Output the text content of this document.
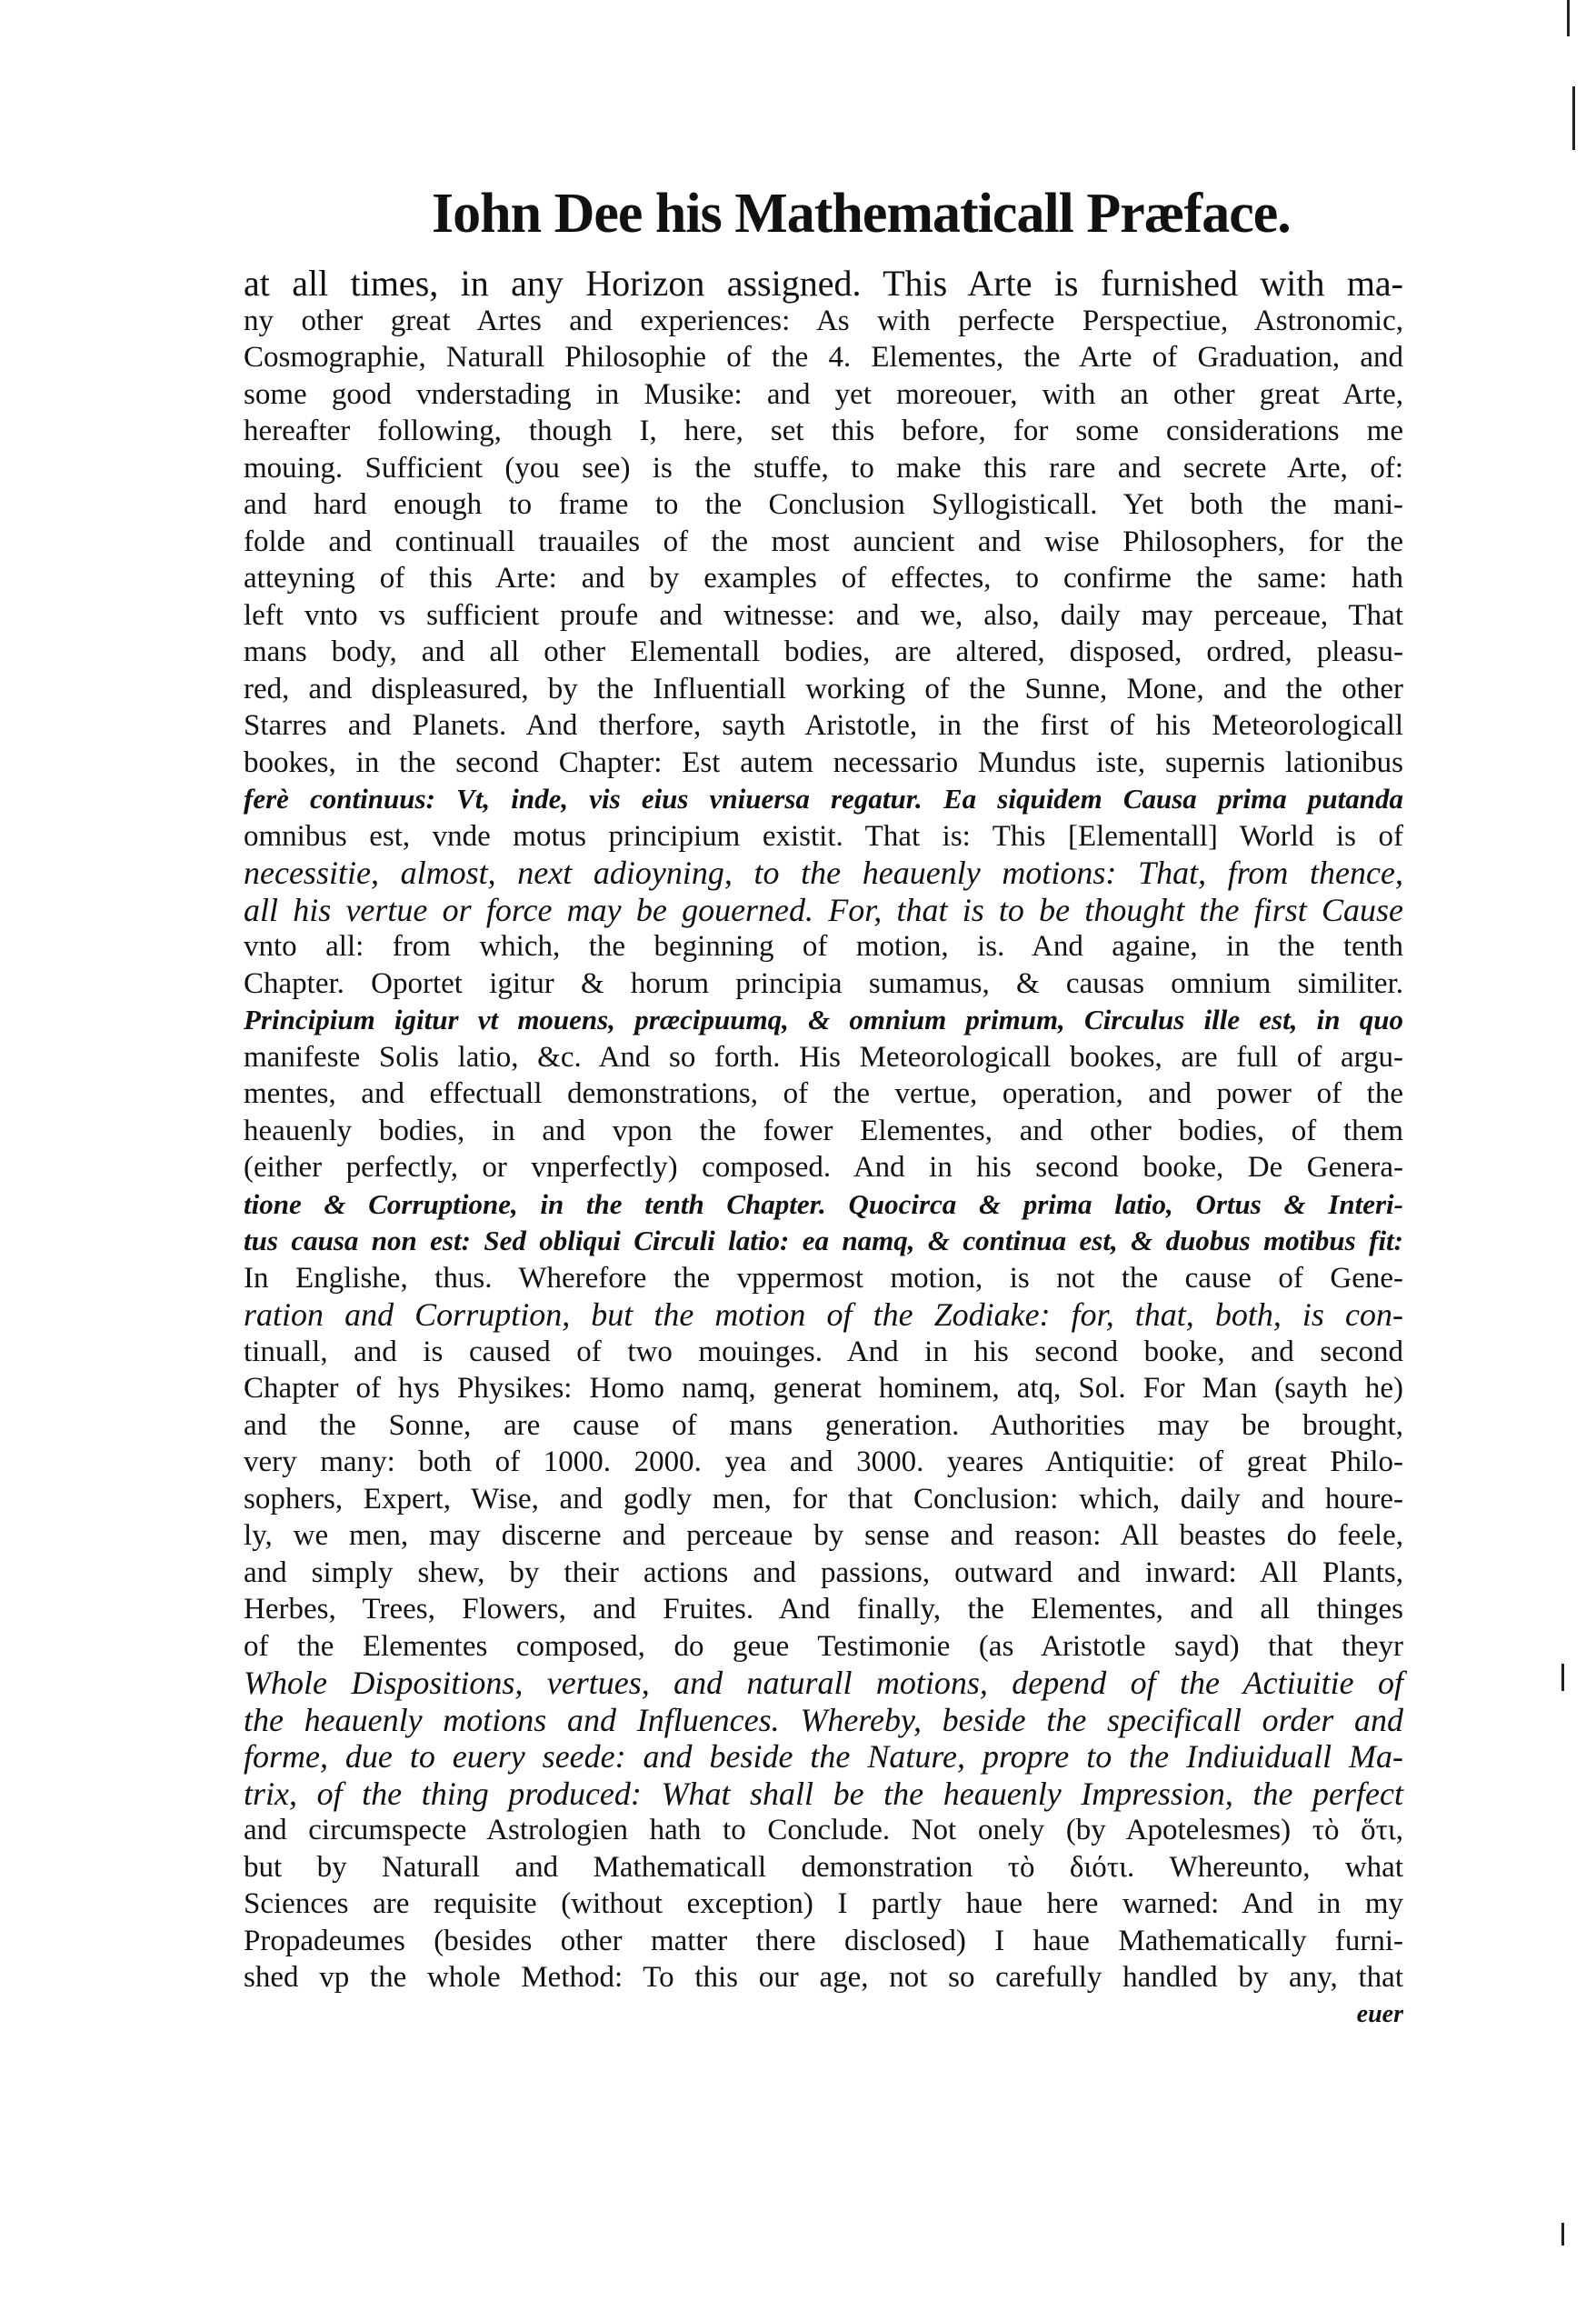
Iohn Dee his Mathematicall Præface.
at all times, in any Horizon assigned. This Arte is furnished with ma-
ny other great Artes and experiences: As with perfecte Perspectiue, Astronomic,
Cosmographie, Naturall Philosophie of the 4. Elementes, the Arte of Graduation, and
some good vnderstading in Musike: and yet moreouer, with an other great Arte,
hereafter following, though I, here, set this before, for some considerations me
mouing. Sufficient (you see) is the stuffe, to make this rare and secrete Arte, of:
and hard enough to frame to the Conclusion Syllogisticall. Yet both the mani-
folde and continuall trauailes of the most auncient and wise Philosophers, for the
atteyning of this Arte: and by examples of effectes, to confirme the same: hath
left vnto vs sufficient proufe and witnesse: and we, also, daily may perceaue, That
mans body, and all other Elementall bodies, are altered, disposed, ordred, pleasu-
red, and displeasured, by the Influentiall working of the Sunne, Mone, and the other
Starres and Planets. And therfore, sayth Aristotle, in the first of his Meteorologicall
bookes, in the second Chapter: Est autem necessario Mundus iste, supernis lationibus
ferè continuus: Vt, inde, vis eius vniuersa regatur. Ea siquidem Causa prima putanda
omnibus est, vnde motus principium existit. That is: This [Elementall] World is of
necessitie, almost, next adioyning, to the heauenly motions: That, from thence,
all his vertue or force may be gouerned. For, that is to be thought the first Cause
vnto all: from which, the beginning of motion, is. And againe, in the tenth
Chapter. Oportet igitur & horum principia sumamus, & causas omnium similiter.
Principium igitur vt mouens, præcipuumq, & omnium primum, Circulus ille est, in quo
manifeste Solis latio, &c. And so forth. His Meteorologicall bookes, are full of argu-
mentes, and effectuall demonstrations, of the vertue, operation, and power of the
heauenly bodies, in and vpon the fower Elementes, and other bodies, of them
(either perfectly, or vnperfectly) composed. And in his second booke, De Genera-
tione & Corruptione, in the tenth Chapter. Quocirca & prima latio, Ortus & Interi-
tus causa non est: Sed obliqui Circuli latio: ea namq, & continua est, & duobus motibus fit:
In Englishe, thus. Wherefore the vppermost motion, is not the cause of Gene-
ration and Corruption, but the motion of the Zodiake: for, that, both, is con-
tinuall, and is caused of two mouinges. And in his second booke, and second
Chapter of hys Physikes: Homo namq, generat hominem, atq, Sol. For Man (sayth he)
and the Sonne, are cause of mans generation. Authorities may be brought,
very many: both of 1000. 2000. yea and 3000. yeares Antiquitie: of great Philo-
sophers, Expert, Wise, and godly men, for that Conclusion: which, daily and houre-
ly, we men, may discerne and perceaue by sense and reason: All beastes do feele,
and simply shew, by their actions and passions, outward and inward: All Plants,
Herbes, Trees, Flowers, and Fruites. And finally, the Elementes, and all thinges
of the Elementes composed, do geue Testimonie (as Aristotle sayd) that theyr
Whole Dispositions, vertues, and naturall motions, depend of the Actiuitie of
the heauenly motions and Influences. Whereby, beside the specificall order and
forme, due to euery seede: and beside the Nature, propre to the Indiuiduall Ma-
trix, of the thing produced: What shall be the heauenly Impression, the perfect
and circumspecte Astrologien hath to Conclude. Not onely (by Apotelesmes) τὸ ὅτι,
but by Naturall and Mathematicall demonstration τὸ διότι. Whereunto, what
Sciences are requisite (without exception) I partly haue here warned: And in my
Propadeumes (besides other matter there disclosed) I haue Mathematically furni-
shed vp the whole Method: To this our age, not so carefully handled by any, that
euer
